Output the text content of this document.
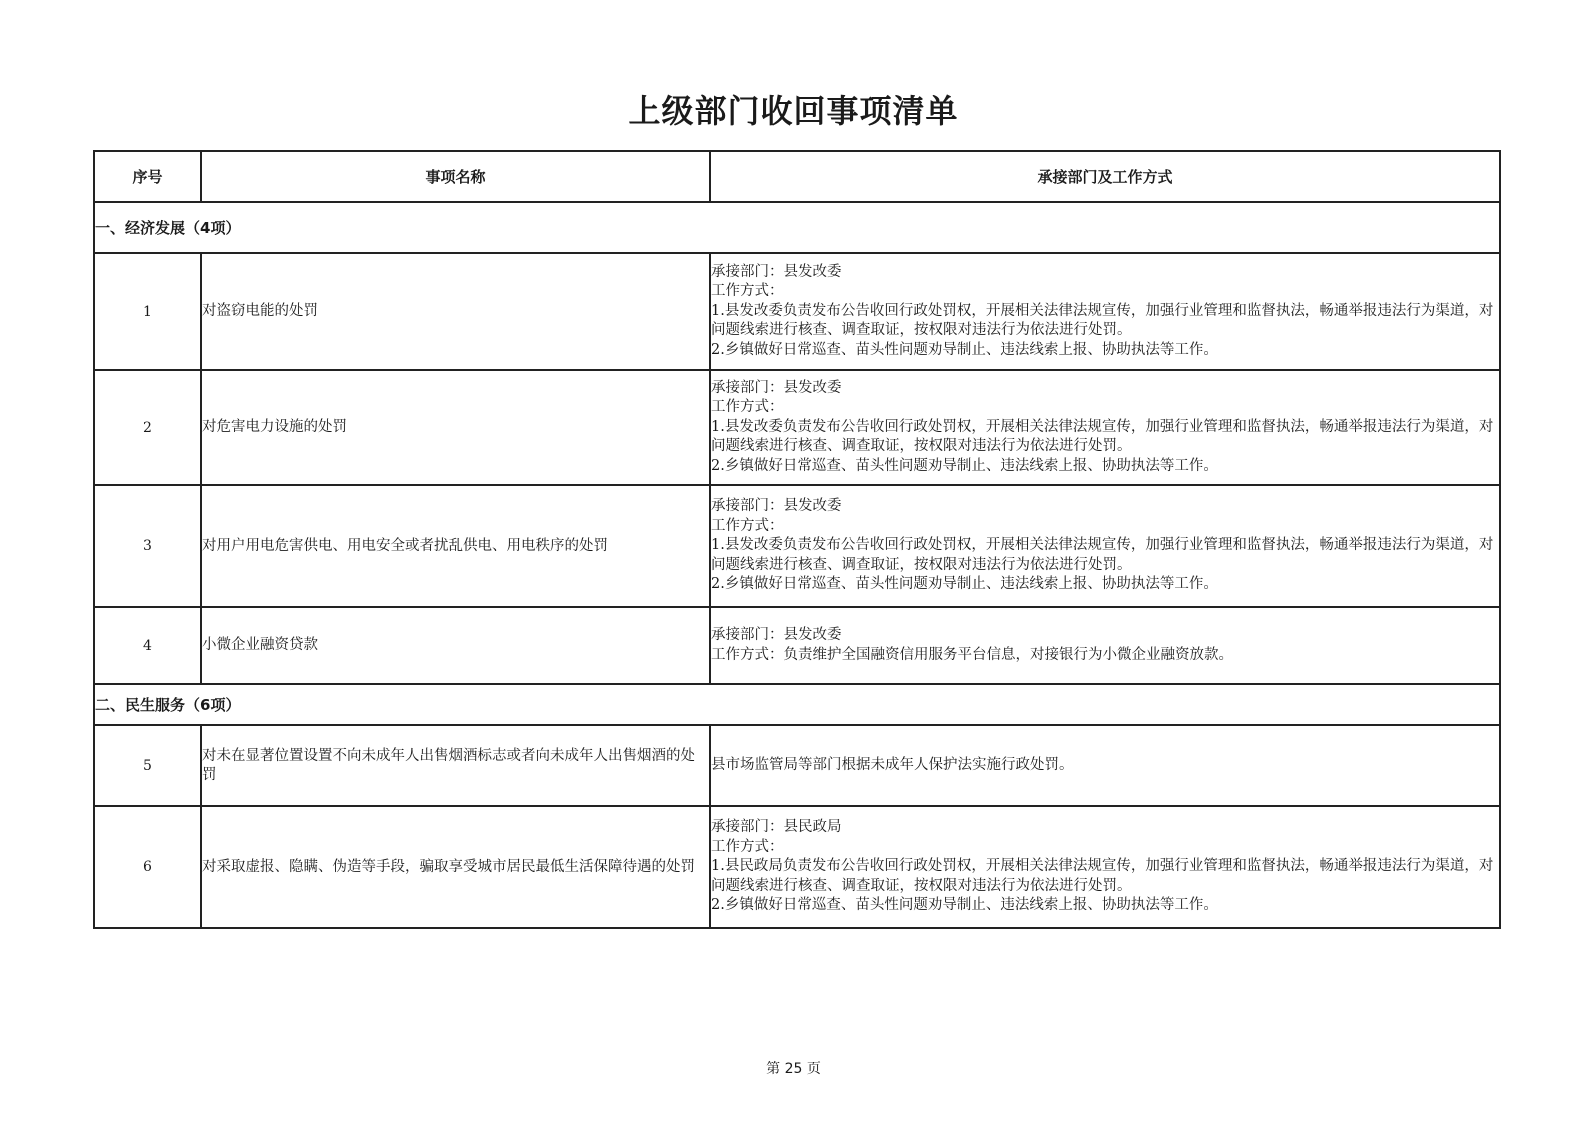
上级部门收回事项清单
序号	事项名称	承接部门及工作方式
一、经济发展（4项）		
1	对盗窃电能的处罚	承接部门：县发改委
工作方式：
1.县发改委负责发布公告收回行政处罚权，开展相关法律法规宣传，加强行业管理和监督执法，畅通举报违法行为渠道，对问题线索进行核查、调查取证，按权限对违法行为依法进行处罚。
2.乡镇做好日常巡查、苗头性问题劝导制止、违法线索上报、协助执法等工作。

2	对危害电力设施的处罚	承接部门：县发改委
工作方式：
1.县发改委负责发布公告收回行政处罚权，开展相关法律法规宣传，加强行业管理和监督执法，畅通举报违法行为渠道，对问题线索进行核查、调查取证，按权限对违法行为依法进行处罚。
2.乡镇做好日常巡查、苗头性问题劝导制止、违法线索上报、协助执法等工作。

3	对用户用电危害供电、用电安全或者扰乱供电、用电秩序的处罚	承接部门：县发改委
工作方式：
1.县发改委负责发布公告收回行政处罚权，开展相关法律法规宣传，加强行业管理和监督执法，畅通举报违法行为渠道，对问题线索进行核查、调查取证，按权限对违法行为依法进行处罚。
2.乡镇做好日常巡查、苗头性问题劝导制止、违法线索上报、协助执法等工作。

4	小微企业融资贷款	承接部门：县发改委
工作方式：负责维护全国融资信用服务平台信息，对接银行为小微企业融资放款。

二、民生服务（6项）		
5	对未在显著位置设置不向未成年人出售烟酒标志或者向未成年人出售烟酒的处罚	县市场监管局等部门根据未成年人保护法实施行政处罚。

6	对采取虚报、隐瞒、伪造等手段，骗取享受城市居民最低生活保障待遇的处罚	承接部门：县民政局
工作方式：
1.县民政局负责发布公告收回行政处罚权，开展相关法律法规宣传，加强行业管理和监督执法，畅通举报违法行为渠道，对问题线索进行核查、调查取证，按权限对违法行为依法进行处罚。
2.乡镇做好日常巡查、苗头性问题劝导制止、违法线索上报、协助执法等工作。
第 25 页
